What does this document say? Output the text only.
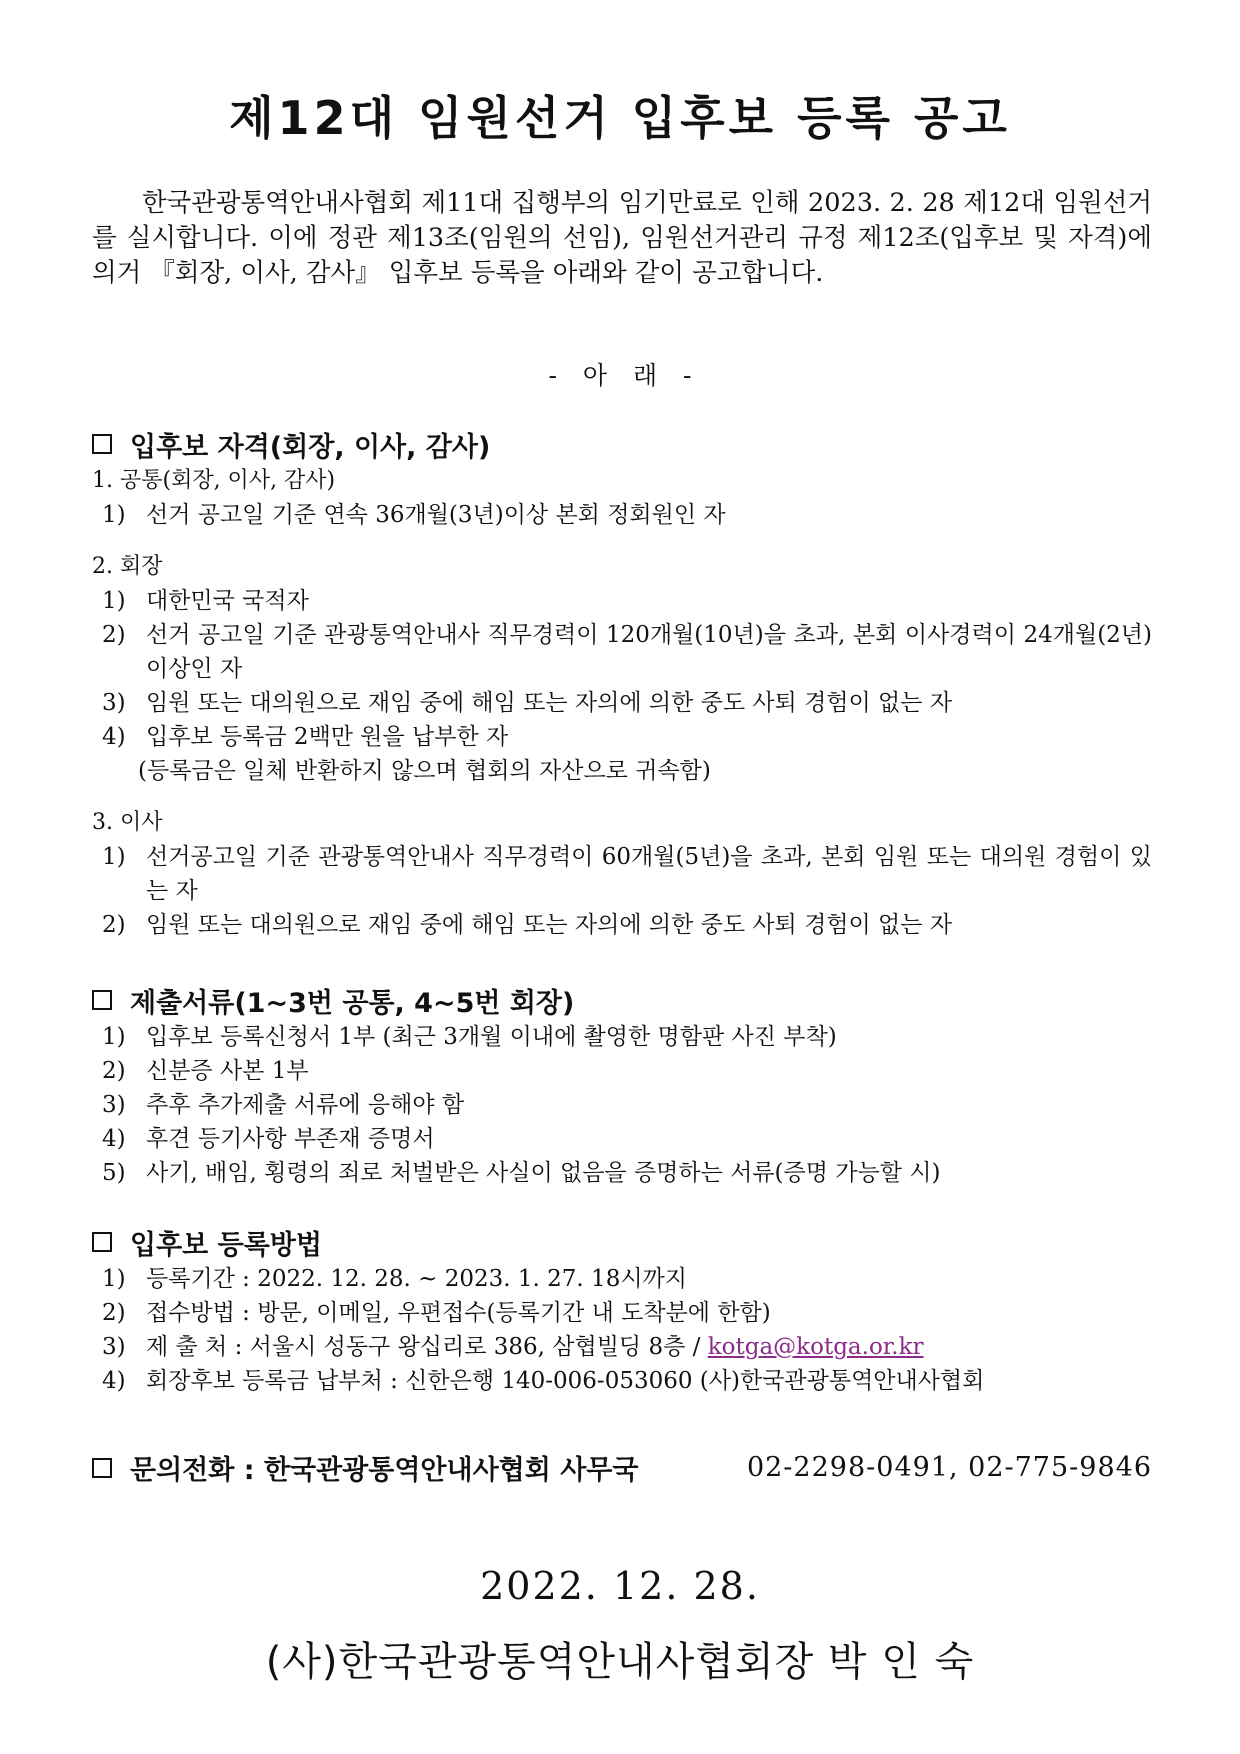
제12대 임원선거 입후보 등록 공고

한국관광통역안내사협회 제11대 집행부의 임기만료로 인해 2023. 2. 28 제12대 임원선거를 실시합니다. 이에 정관 제13조(임원의 선임), 임원선거관리 규정 제12조(입후보 및 자격)에 의거 『회장, 이사, 감사』 입후보 등록을 아래와 같이 공고합니다.

- 아 래 -
입후보 자격(회장, 이사, 감사)
1. 공통(회장, 이사, 감사)
1) 선거 공고일 기준 연속 36개월(3년)이상 본회 정회원인 자
2. 회장
1) 대한민국 국적자
2) 선거 공고일 기준 관광통역안내사 직무경력이 120개월(10년)을 초과, 본회 이사경력이 24개월(2년) 이상인 자
3) 임원 또는 대의원으로 재임 중에 해임 또는 자의에 의한 중도 사퇴 경험이 없는 자
4) 입후보 등록금 2백만 원을 납부한 자
(등록금은 일체 반환하지 않으며 협회의 자산으로 귀속함)
3. 이사
1) 선거공고일 기준 관광통역안내사 직무경력이 60개월(5년)을 초과, 본회 임원 또는 대의원 경험이 있는 자
2) 임원 또는 대의원으로 재임 중에 해임 또는 자의에 의한 중도 사퇴 경험이 없는 자
제출서류(1~3번 공통, 4~5번 회장)
1) 입후보 등록신청서 1부 (최근 3개월 이내에 촬영한 명함판 사진 부착)
2) 신분증 사본 1부
3) 추후 추가제출 서류에 응해야 함
4) 후견 등기사항 부존재 증명서
5) 사기, 배임, 횡령의 죄로 처벌받은 사실이 없음을 증명하는 서류(증명 가능할 시)
입후보 등록방법
1) 등록기간 : 2022. 12. 28. ~ 2023. 1. 27. 18시까지
2) 접수방법 : 방문, 이메일, 우편접수(등록기간 내 도착분에 한함)
3) 제 출 처 : 서울시 성동구 왕십리로 386, 삼협빌딩 8층 / kotga@kotga.or.kr
4) 회장후보 등록금 납부처 : 신한은행 140-006-053060 (사)한국관광통역안내사협회
문의전화 : 한국관광통역안내사협회 사무국	02-2298-0491, 02-775-9846
2022. 12. 28.
(사)한국관광통역안내사협회장 박 인 숙
